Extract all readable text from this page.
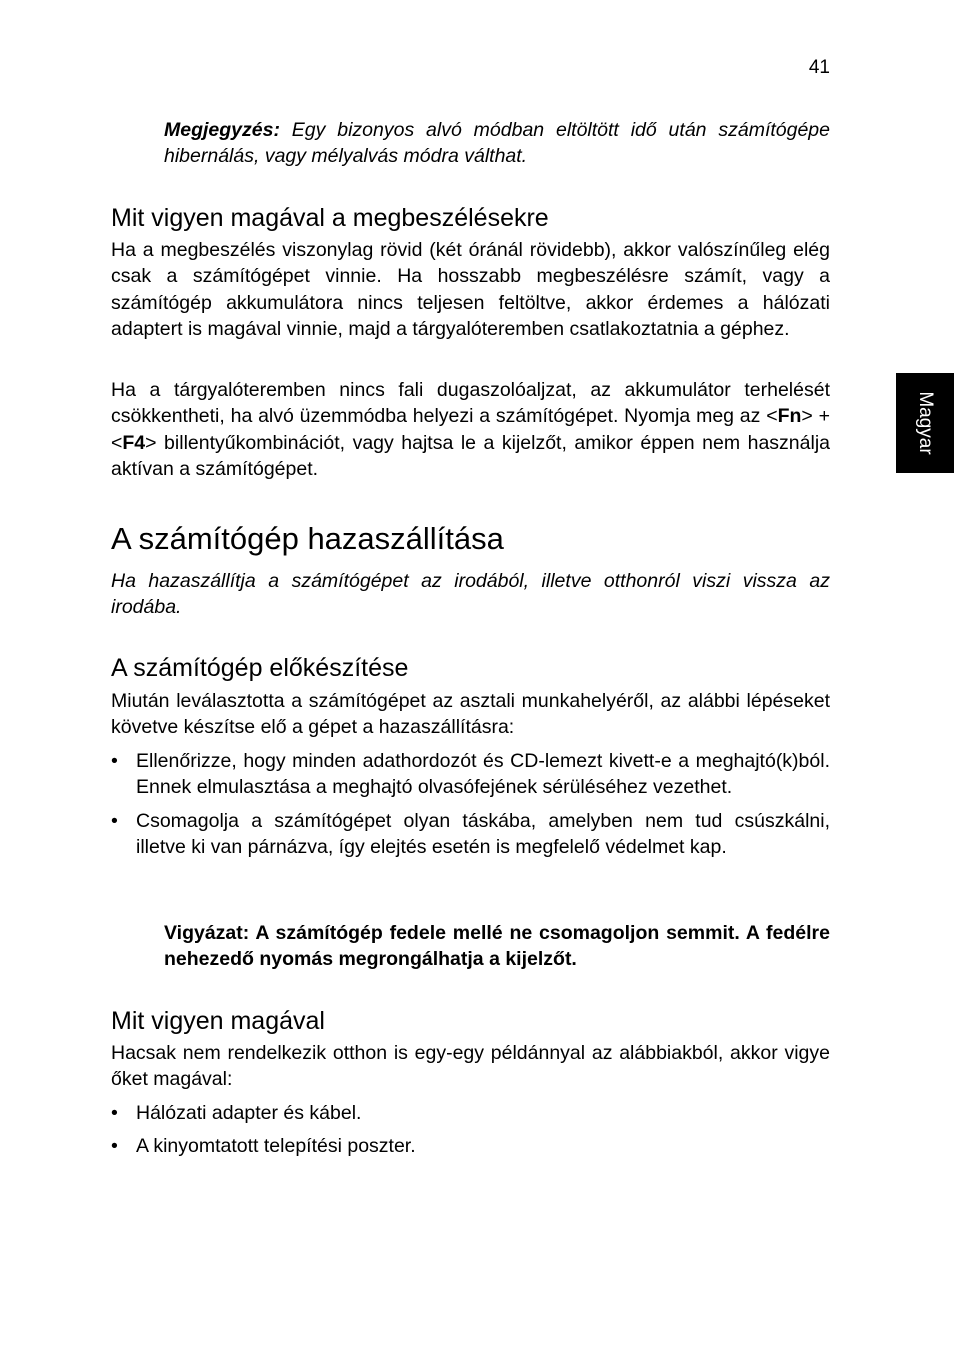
41
Magyar

Megjegyzés: Egy bizonyos alvó módban eltöltött idő után számítógépe hibernálás, vagy mélyalvás módra válthat.

Mit vigyen magával a megbeszélésekre

Ha a megbeszélés viszonylag rövid (két óránál rövidebb), akkor valószínűleg elég csak a számítógépet vinnie. Ha hosszabb megbeszélésre számít, vagy a számítógép akkumulátora nincs teljesen feltöltve, akkor érdemes a hálózati adaptert is magával vinnie, majd a tárgyalóteremben csatlakoztatnia a géphez.

Ha a tárgyalóteremben nincs fali dugaszolóaljzat, az akkumulátor terhelését csökkentheti, ha alvó üzemmódba helyezi a számítógépet. Nyomja meg az <Fn> + <F4> billentyűkombinációt, vagy hajtsa le a kijelzőt, amikor éppen nem használja aktívan a számítógépet.

A számítógép hazaszállítása

Ha hazaszállítja a számítógépet az irodából, illetve otthonról viszi vissza az irodába.

A számítógép előkészítése

Miután leválasztotta a számítógépet az asztali munkahelyéről, az alábbi lépéseket követve készítse elő a gépet a hazaszállításra:

• Ellenőrizze, hogy minden adathordozót és CD-lemezt kivett-e a meghajtó(k)ból. Ennek elmulasztása a meghajtó olvasófejének sérüléséhez vezethet.
• Csomagolja a számítógépet olyan táskába, amelyben nem tud csúszkálni, illetve ki van párnázva, így elejtés esetén is megfelelő védelmet kap.

Vigyázat: A számítógép fedele mellé ne csomagoljon semmit. A fedélre nehezedő nyomás megrongálhatja a kijelzőt.

Mit vigyen magával

Hacsak nem rendelkezik otthon is egy-egy példánnyal az alábbiakból, akkor vigye őket magával:

• Hálózati adapter és kábel.
• A kinyomtatott telepítési poszter.
